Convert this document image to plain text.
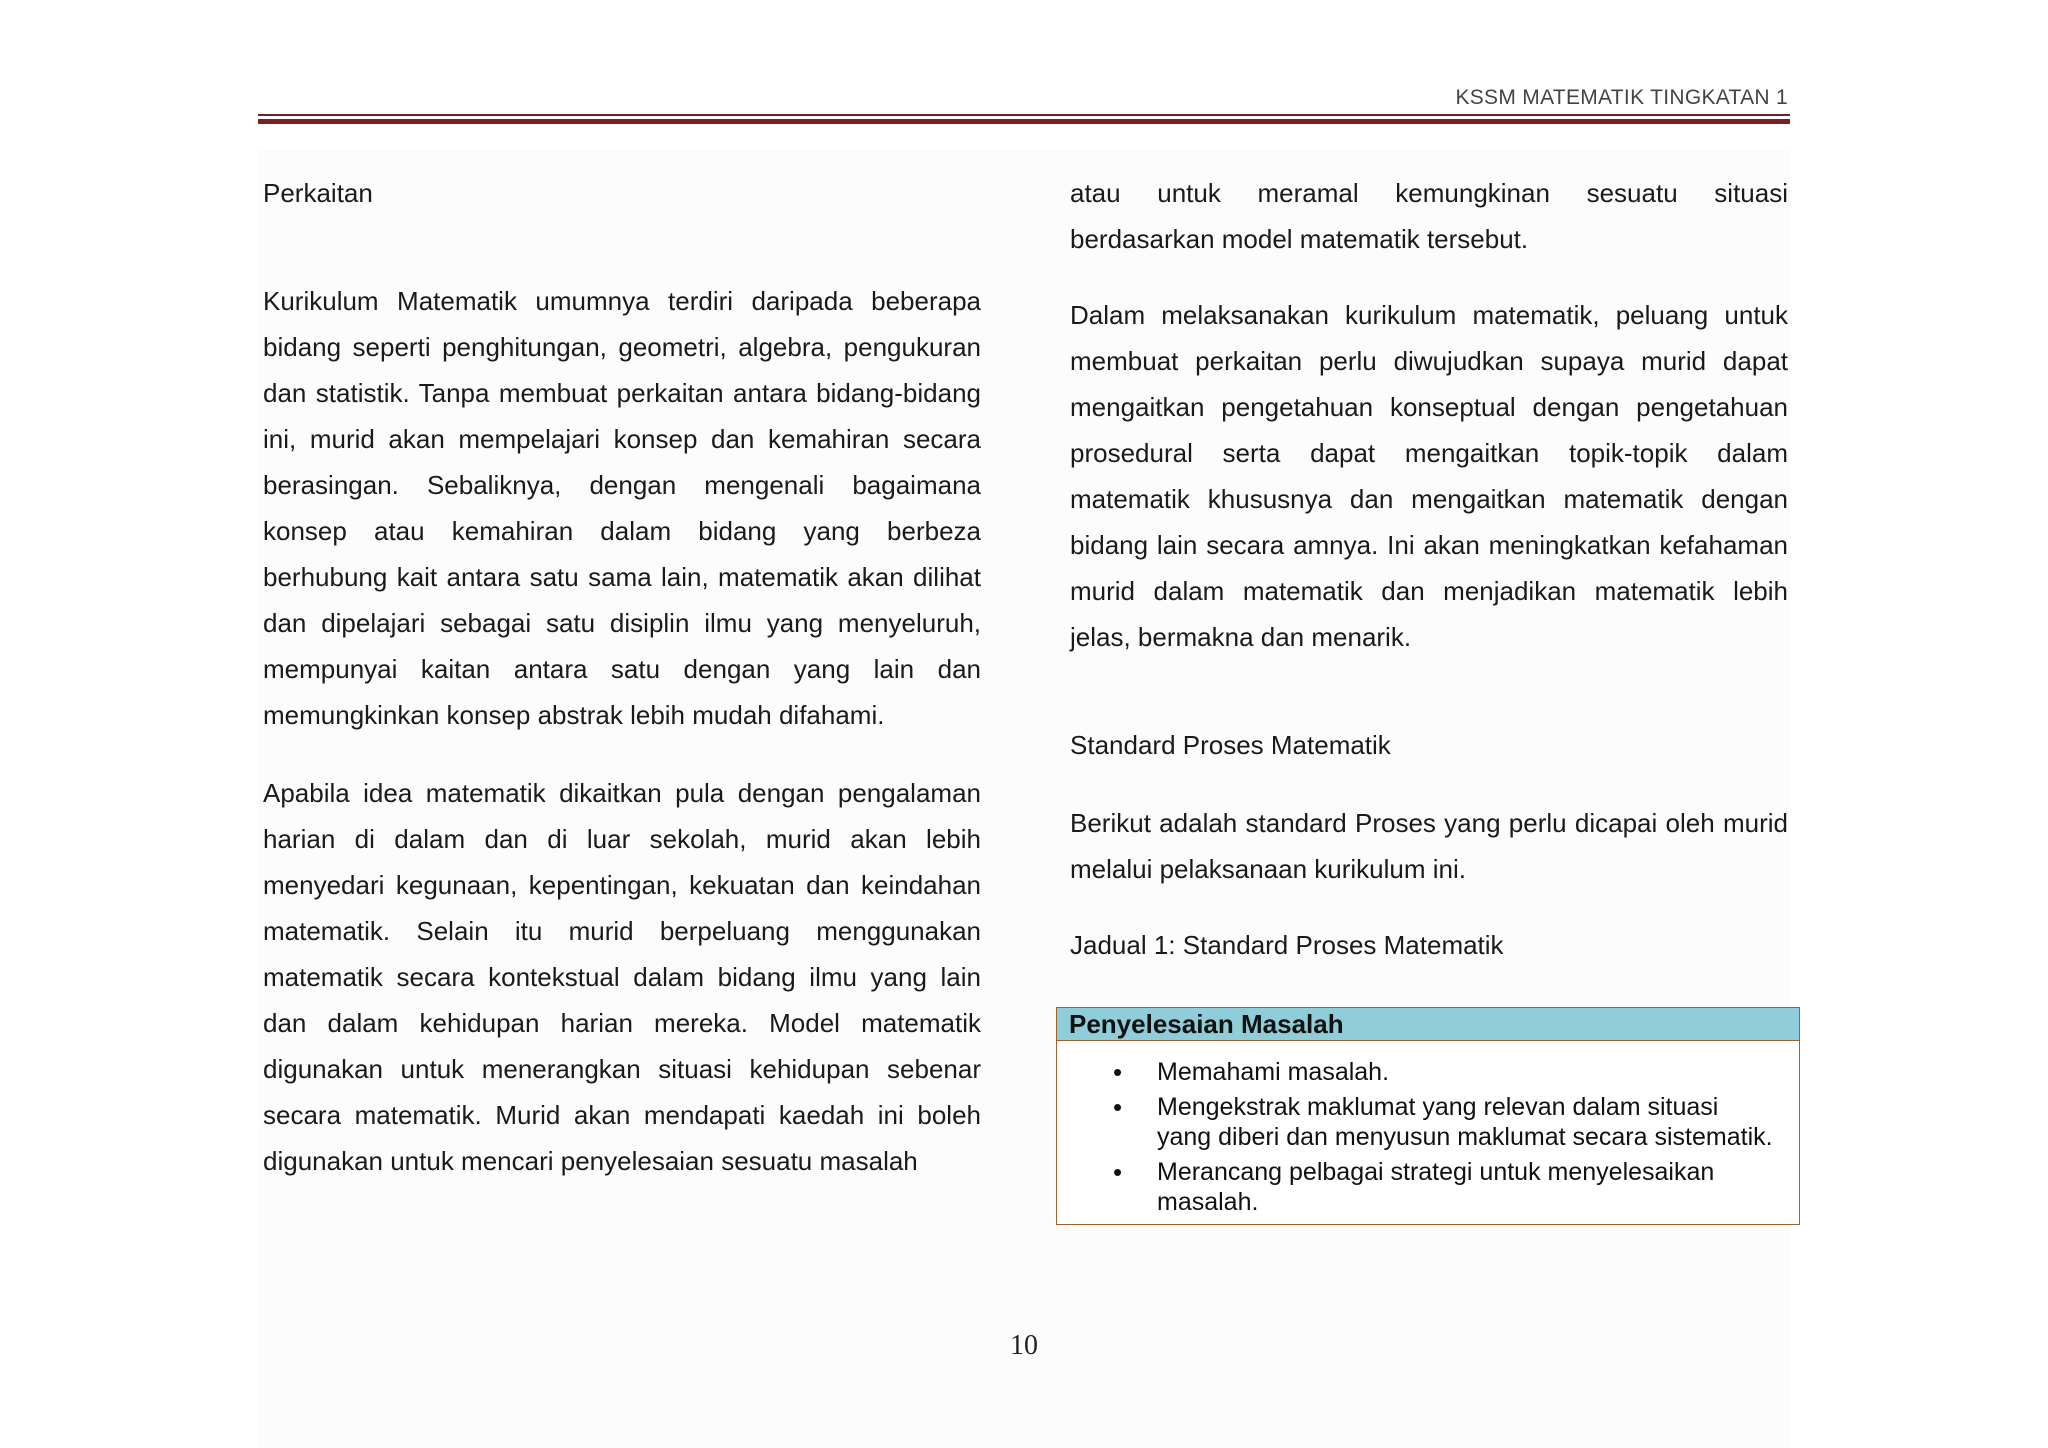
KSSM MATEMATIK TINGKATAN 1

Perkaitan

Kurikulum Matematik umumnya terdiri daripada beberapa bidang seperti penghitungan, geometri, algebra, pengukuran dan statistik. Tanpa membuat perkaitan antara bidang-bidang ini, murid akan mempelajari konsep dan kemahiran secara berasingan. Sebaliknya, dengan mengenali bagaimana konsep atau kemahiran dalam bidang yang berbeza berhubung kait antara satu sama lain, matematik akan dilihat dan dipelajari sebagai satu disiplin ilmu yang menyeluruh, mempunyai kaitan antara satu dengan yang lain dan memungkinkan konsep abstrak lebih mudah difahami.

Apabila idea matematik dikaitkan pula dengan pengalaman harian di dalam dan di luar sekolah, murid akan lebih menyedari kegunaan, kepentingan, kekuatan dan keindahan matematik. Selain itu murid berpeluang menggunakan matematik secara kontekstual dalam bidang ilmu yang lain dan dalam kehidupan harian mereka. Model matematik digunakan untuk menerangkan situasi kehidupan sebenar secara matematik. Murid akan mendapati kaedah ini boleh digunakan untuk mencari penyelesaian sesuatu masalah

atau untuk meramal kemungkinan sesuatu situasi berdasarkan model matematik tersebut.

Dalam melaksanakan kurikulum matematik, peluang untuk membuat perkaitan perlu diwujudkan supaya murid dapat mengaitkan pengetahuan konseptual dengan pengetahuan prosedural serta dapat mengaitkan topik-topik dalam matematik khususnya dan mengaitkan matematik dengan bidang lain secara amnya. Ini akan meningkatkan kefahaman murid dalam matematik dan menjadikan matematik lebih jelas, bermakna dan menarik.

Standard Proses Matematik

Berikut adalah standard Proses yang perlu dicapai oleh murid melalui pelaksanaan kurikulum ini.

Jadual 1: Standard Proses Matematik

Penyelesaian Masalah
• Memahami masalah.
• Mengekstrak maklumat yang relevan dalam situasi yang diberi dan menyusun maklumat secara sistematik.
• Merancang pelbagai strategi untuk menyelesaikan masalah.
10
